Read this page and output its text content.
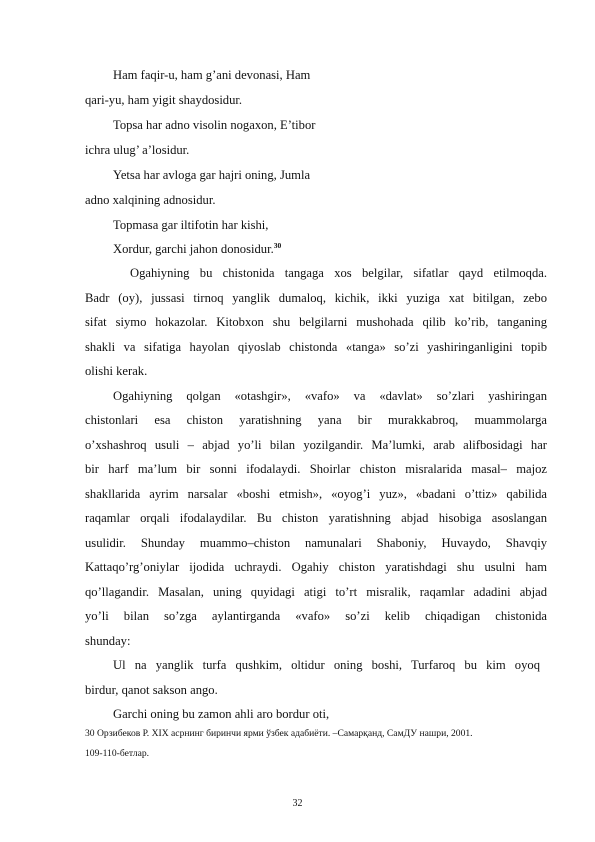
Ham faqir-u, ham g’ani devonasi, Ham
qari-yu, ham yigit shaydosidur.
Topsa har adno visolin nogaxon, E’tibor
ichra ulug’ a’losidur.
Yetsa har avloga gar hajri oning, Jumla
adno xalqining adnosidur.
Topmasa gar iltifotin har kishi,
Xordur, garchi jahon donosidur.$^{30}$
Ogahiyning bu chistonida tangaga xos belgilar, sifatlar qayd etilmoqda.
Badr (oy), jussasi tirnoq yanglik dumaloq, kichik, ikki yuziga xat bitilgan, zebo
sifat siymo hokazolar. Kitobxon shu belgilarni mushohada qilib ko’rib, tanganing
shakli va sifatiga hayolan qiyoslab chistonda «tanga» so’zi yashiringanligini topib
olishi kerak.
Ogahiyning qolgan «otashgir», «vafo» va «davlat» so’zlari yashiringan
chistonlari esa chiston yaratishning yana bir murakkabroq, muammolarga
o’xshashroq usuli – abjad yo’li bilan yozilgandir. Ma’lumki, arab alifbosidagi har
bir harf ma’lum bir sonni ifodalaydi. Shoirlar chiston misralarida masal– majoz
shakllarida ayrim narsalar «boshi etmish», «oyog’i yuz», «badani o’ttiz» qabilida
raqamlar orqali ifodalaydilar. Bu chiston yaratishning abjad hisobiga asoslangan
usulidir. Shunday muammo–chiston namunalari Shaboniy, Huvaydo, Shavqiy
Kattaqo’rg’oniylar ijodida uchraydi. Ogahiy chiston yaratishdagi shu usulni ham
qo’llagandir. Masalan, uning quyidagi atigi to’rt misralik, raqamlar adadini abjad
yo’li bilan so’zga aylantirganda «vafo» so’zi kelib chiqadigan chistonida
shunday:
Ul na yanglik turfa qushkim, oltidur oning boshi, Turfaroq bu kim oyoq
birdur, qanot sakson ango.
Garchi oning bu zamon ahli aro bordur oti,
30 Орзибеков Р. XIX асрнинг биринчи ярми ўзбек адабиёти. –Самарқанд, СамДУ нашри, 2001.
109-110-бетлар.
32
